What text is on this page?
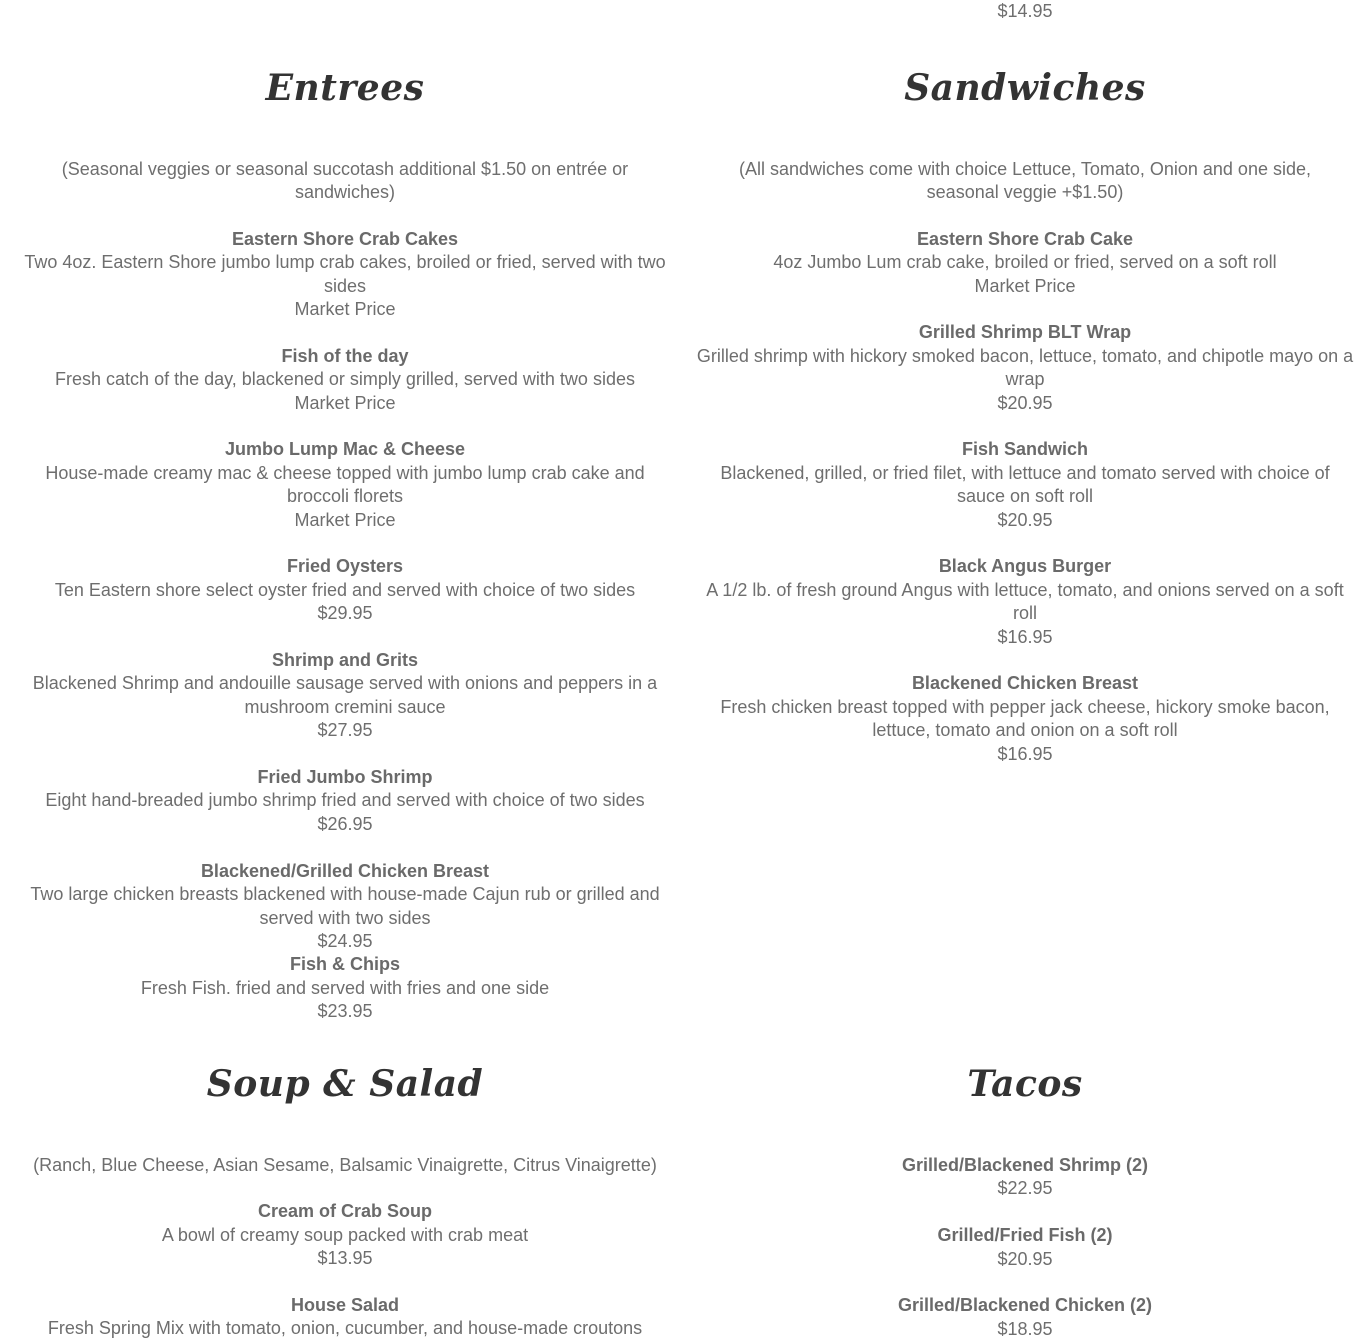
$14.95
Entrees
(Seasonal veggies or seasonal succotash additional $1.50 on entrée or sandwiches)
Eastern Shore Crab Cakes
Two 4oz. Eastern Shore jumbo lump crab cakes, broiled or fried, served with two sides
Market Price
Fish of the day
Fresh catch of the day, blackened or simply grilled, served with two sides
Market Price
Jumbo Lump Mac & Cheese
House-made creamy mac & cheese topped with jumbo lump crab cake and broccoli florets
Market Price
Fried Oysters
Ten Eastern shore select oyster fried and served with choice of two sides
$29.95
Shrimp and Grits
Blackened Shrimp and andouille sausage served with onions and peppers in a mushroom cremini sauce
$27.95
Fried Jumbo Shrimp
Eight hand-breaded jumbo shrimp fried and served with choice of two sides
$26.95
Blackened/Grilled Chicken Breast
Two large chicken breasts blackened with house-made Cajun rub or grilled and served with two sides
$24.95
Fish & Chips
Fresh Fish. fried and served with fries and one side
$23.95
Sandwiches
(All sandwiches come with choice Lettuce, Tomato, Onion and one side, seasonal veggie +$1.50)
Eastern Shore Crab Cake
4oz Jumbo Lum crab cake, broiled or fried, served on a soft roll
Market Price
Grilled Shrimp BLT Wrap
Grilled shrimp with hickory smoked bacon, lettuce, tomato, and chipotle mayo on a wrap
$20.95
Fish Sandwich
Blackened, grilled, or fried filet, with lettuce and tomato served with choice of sauce on soft roll
$20.95
Black Angus Burger
A 1/2 lb. of fresh ground Angus with lettuce, tomato, and onions served on a soft roll
$16.95
Blackened Chicken Breast
Fresh chicken breast topped with pepper jack cheese, hickory smoke bacon, lettuce, tomato and onion on a soft roll
$16.95
Soup & Salad
(Ranch, Blue Cheese, Asian Sesame, Balsamic Vinaigrette, Citrus Vinaigrette)
Cream of Crab Soup
A bowl of creamy soup packed with crab meat
$13.95
House Salad
Fresh Spring Mix with tomato, onion, cucumber, and house-made croutons
Tacos
Grilled/Blackened Shrimp (2)
$22.95
Grilled/Fried Fish (2)
$20.95
Grilled/Blackened Chicken (2)
$18.95
